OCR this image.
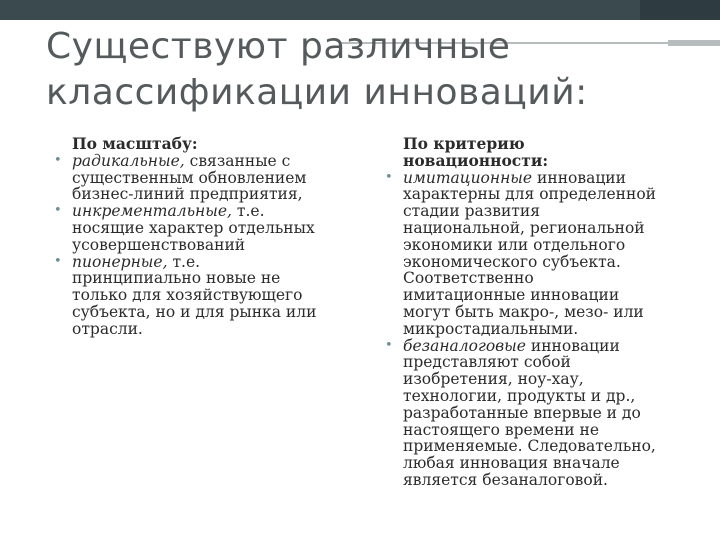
Существуют различные
классификации инноваций:
По масштабу:
• радикальные, связанные с
существенным обновлением
бизнес-линий предприятия,
• инкрементальные, т.е.
носящие характер отдельных
усовершенствований
• пионерные, т.е.
принципиально новые не
только для хозяйствующего
субъекта, но и для рынка или
отрасли.
По критерию
новационности:
• имитационные инновации
характерны для определенной
стадии развития
национальной, региональной
экономики или отдельного
экономического субъекта.
Соответственно
имитационные инновации
могут быть макро-, мезо- или
микростадиальными.
• безаналоговые инновации
представляют собой
изобретения, ноу-хау,
технологии, продукты и др.,
разработанные впервые и до
настоящего времени не
применяемые. Следовательно,
любая инновация вначале
является безаналоговой.
